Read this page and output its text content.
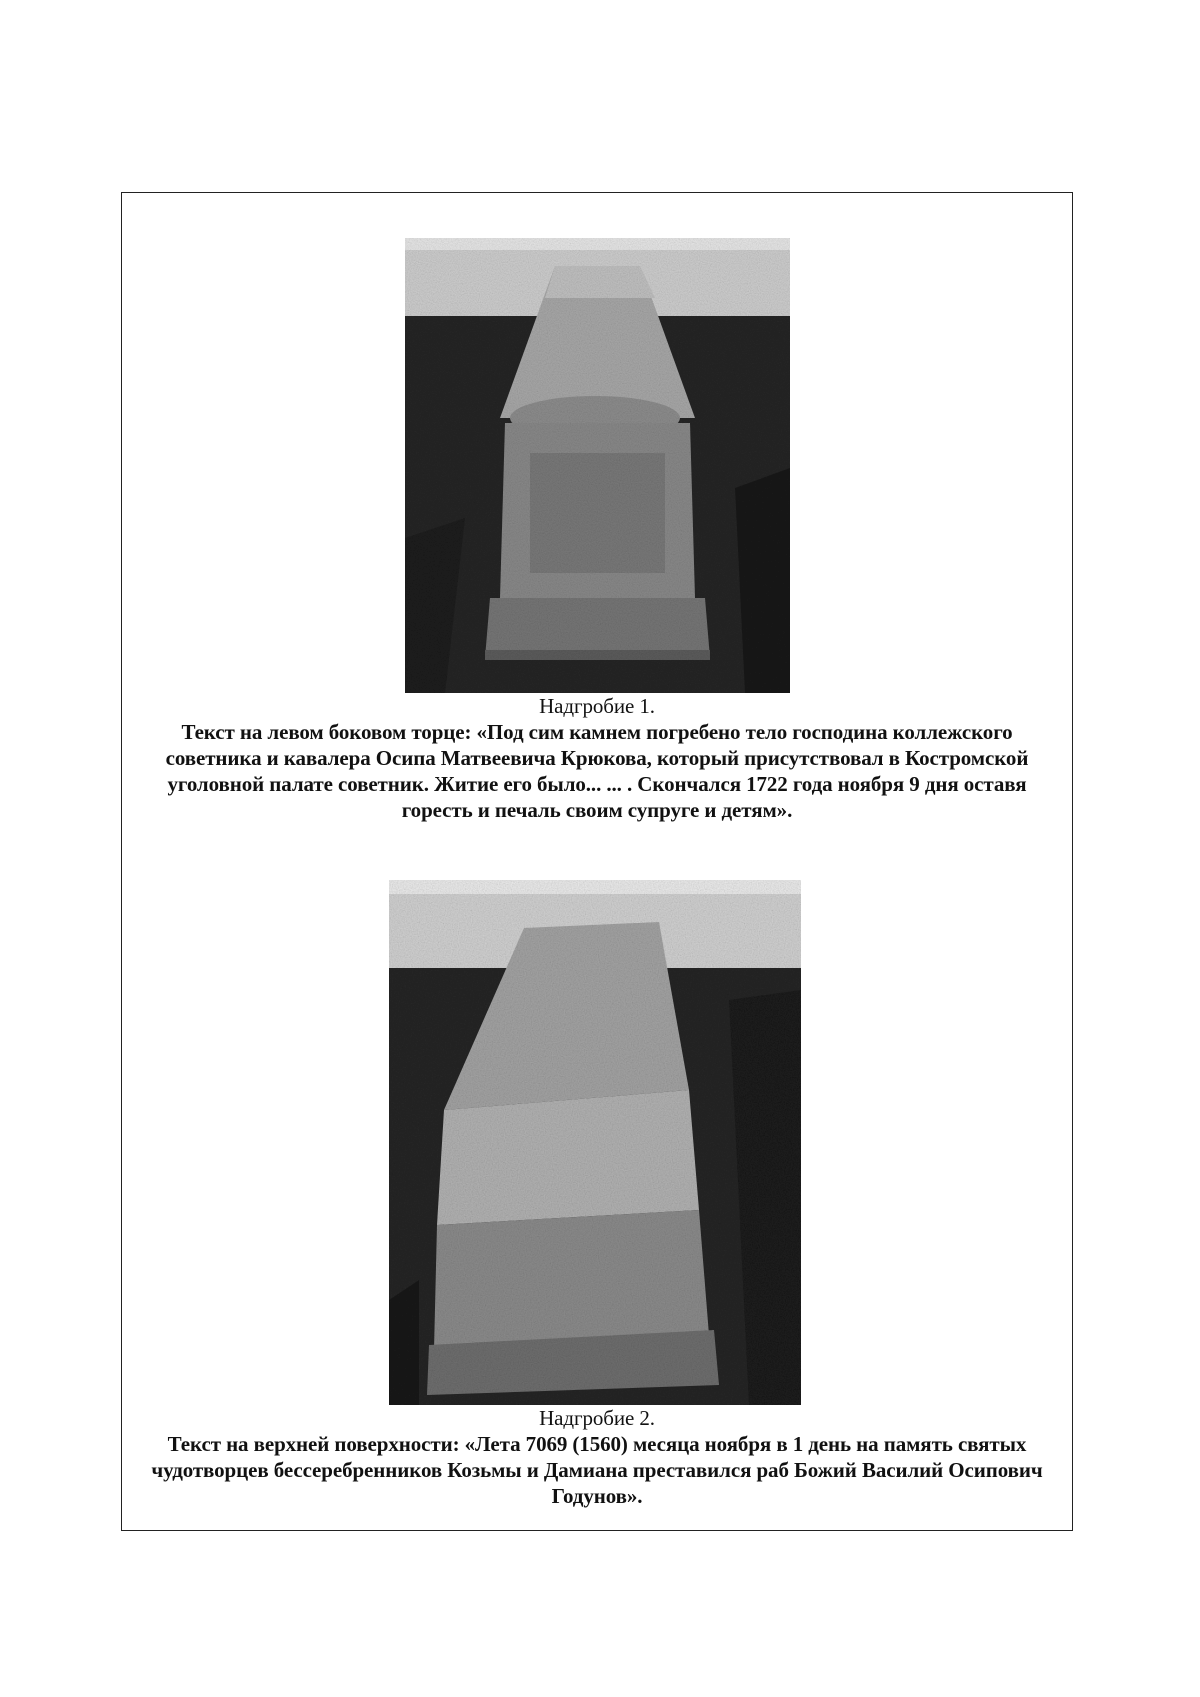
Надгробие 1.
Текст на левом боковом торце: «Под сим камнем погребено тело господина коллежского советника и кавалера Осипа Матвеевича Крюкова, который присутствовал в Костромской уголовной палате советник. Житие его было... ... . Скончался 1722 года ноября 9 дня оставя горесть и печаль своим супруге и детям».
Надгробие 2.
Текст на верхней поверхности: «Лета 7069 (1560) месяца ноября в 1 день на память святых чудотворцев бессеребренников Козьмы и Дамиана преставился раб Божий Василий Осипович Годунов».
